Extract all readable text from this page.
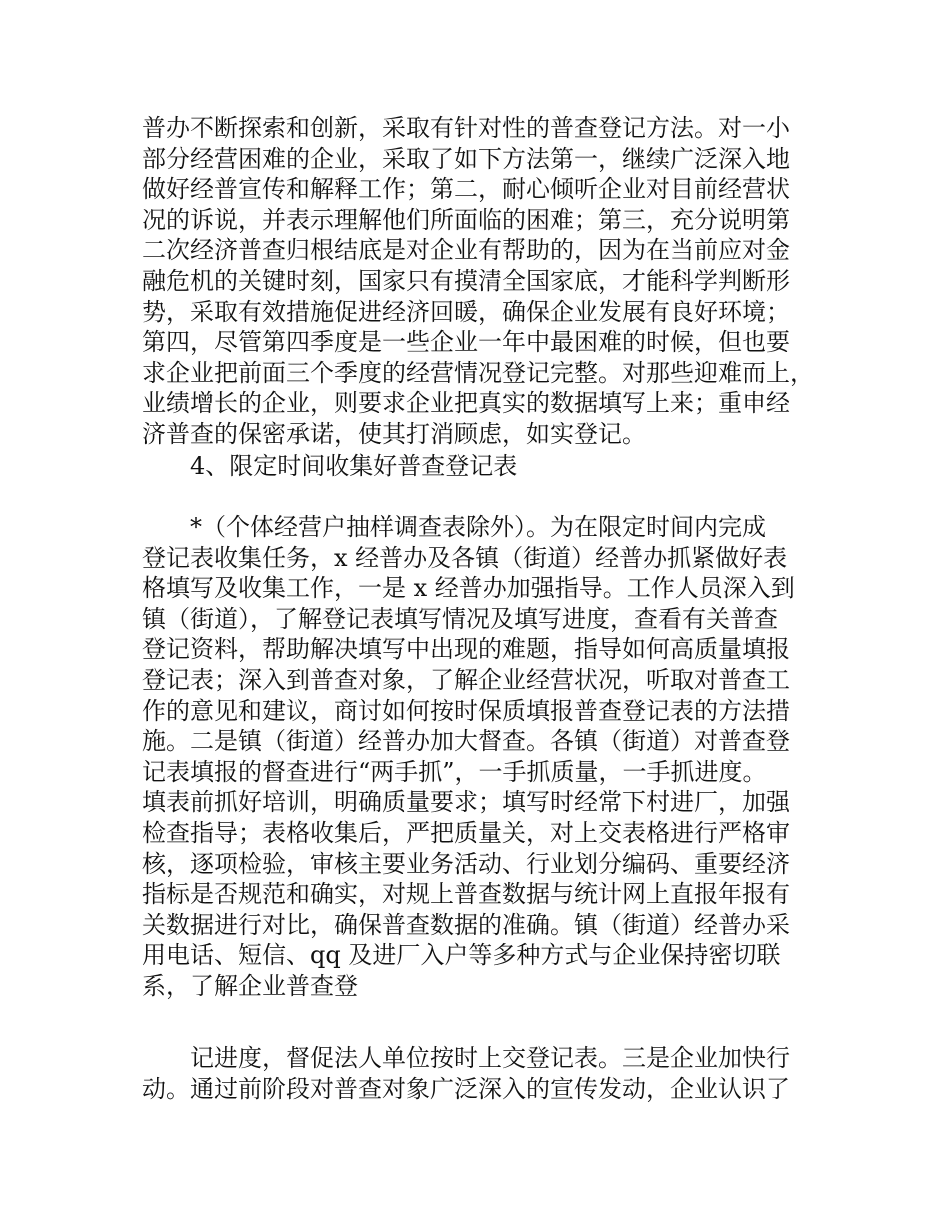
普办不断探索和创新，采取有针对性的普查登记方法。对一小
部分经营困难的企业，采取了如下方法第一，继续广泛深入地
做好经普宣传和解释工作；第二，耐心倾听企业对目前经营状
况的诉说，并表示理解他们所面临的困难；第三，充分说明第
二次经济普查归根结底是对企业有帮助的，因为在当前应对金
融危机的关键时刻，国家只有摸清全国家底，才能科学判断形
势，采取有效措施促进经济回暖，确保企业发展有良好环境；
第四，尽管第四季度是一些企业一年中最困难的时候，但也要
求企业把前面三个季度的经营情况登记完整。对那些迎难而上，
业绩增长的企业，则要求企业把真实的数据填写上来；重申经
济普查的保密承诺，使其打消顾虑，如实登记。
4、限定时间收集好普查登记表
*（个体经营户抽样调查表除外）。为在限定时间内完成
登记表收集任务，x 经普办及各镇（街道）经普办抓紧做好表
格填写及收集工作，一是 x 经普办加强指导。工作人员深入到
镇（街道），了解登记表填写情况及填写进度，查看有关普查
登记资料，帮助解决填写中出现的难题，指导如何高质量填报
登记表；深入到普查对象，了解企业经营状况，听取对普查工
作的意见和建议，商讨如何按时保质填报普查登记表的方法措
施。二是镇（街道）经普办加大督查。各镇（街道）对普查登
记表填报的督查进行“两手抓”，一手抓质量，一手抓进度。
填表前抓好培训，明确质量要求；填写时经常下村进厂，加强
检查指导；表格收集后，严把质量关，对上交表格进行严格审
核，逐项检验，审核主要业务活动、行业划分编码、重要经济
指标是否规范和确实，对规上普查数据与统计网上直报年报有
关数据进行对比，确保普查数据的准确。镇（街道）经普办采
用电话、短信、qq 及进厂入户等多种方式与企业保持密切联
系，了解企业普查登
记进度，督促法人单位按时上交登记表。三是企业加快行
动。通过前阶段对普查对象广泛深入的宣传发动，企业认识了
